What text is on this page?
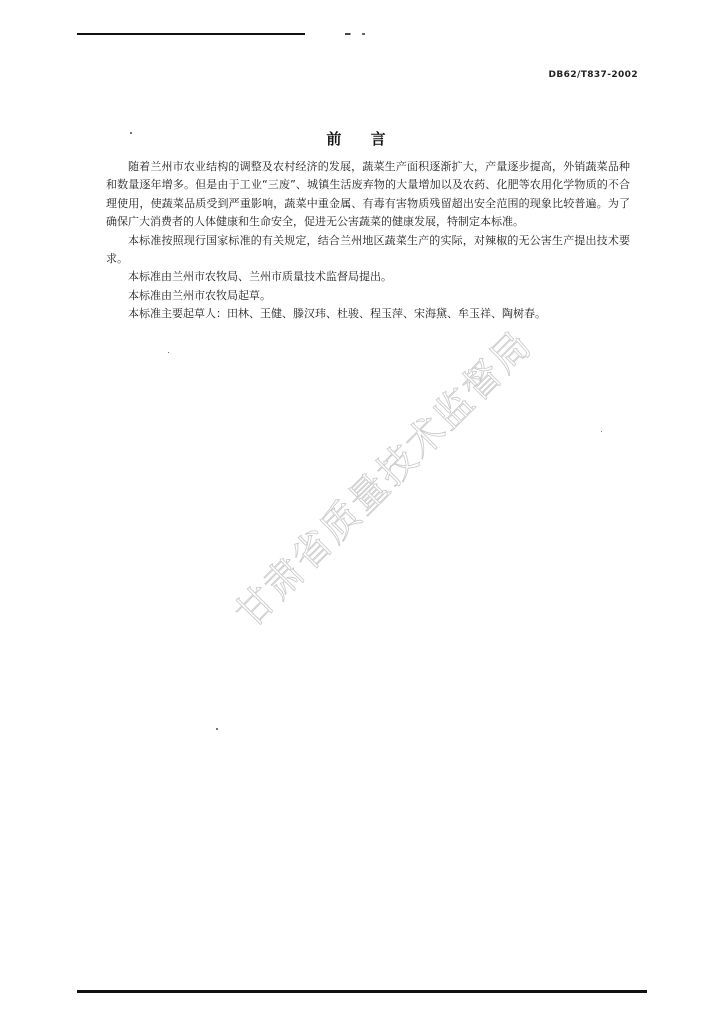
DB62/T837-2002
前 言

随着兰州市农业结构的调整及农村经济的发展，蔬菜生产面积逐渐扩大，产量逐步提高，外销蔬菜品种和数量逐年增多。但是由于工业“三废”、城镇生活废弃物的大量增加以及农药、化肥等农用化学物质的不合理使用，使蔬菜品质受到严重影响，蔬菜中重金属、有毒有害物质残留超出安全范围的现象比较普遍。为了确保广大消费者的人体健康和生命安全，促进无公害蔬菜的健康发展，特制定本标准。

本标准按照现行国家标准的有关规定，结合兰州地区蔬菜生产的实际，对辣椒的无公害生产提出技术要求。

本标准由兰州市农牧局、兰州市质量技术监督局提出。

本标准由兰州市农牧局起草。

本标准主要起草人：田林、王健、滕汉玮、杜骏、程玉萍、宋海黛、牟玉祥、陶树春。

甘肃省质量技术监督局
